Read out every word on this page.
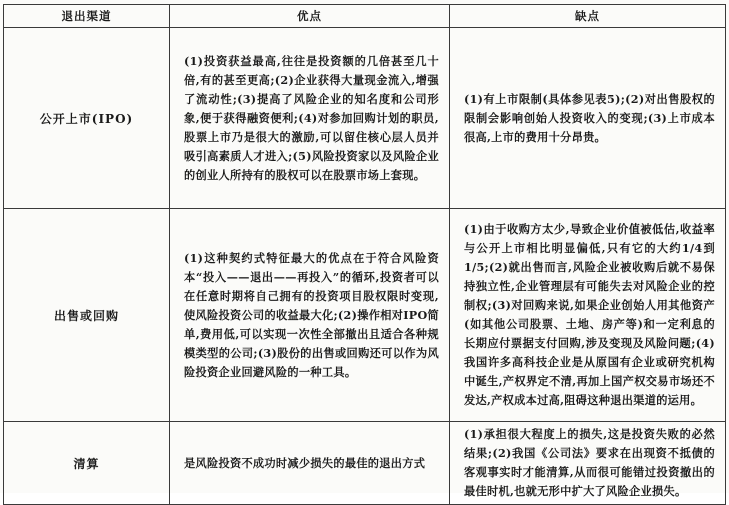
退出渠道	优点	缺点
公开上市(IPO)	(1)投资获益最高,往往是投资额的几倍甚至几十倍,有的甚至更高;(2)企业获得大量现金流入,增强了流动性;(3)提高了风险企业的知名度和公司形象,便于获得融资便利;(4)对参加回购计划的职员,股票上市乃是很大的激励,可以留住核心层人员并吸引高素质人才进入;(5)风险投资家以及风险企业的创业人所持有的股权可以在股票市场上套现。	(1)有上市限制(具体参见表5);(2)对出售股权的限制会影响创始人投资收入的变现;(3)上市成本很高,上市的费用十分昂贵。
出售或回购	(1)这种契约式特征最大的优点在于符合风险资本“投入——退出——再投入”的循环,投资者可以在任意时期将自己拥有的投资项目股权限时变现,使风险投资公司的收益最大化;(2)操作相对IPO简单,费用低,可以实现一次性全部撤出且适合各种规模类型的公司;(3)股份的出售或回购还可以作为风险投资企业回避风险的一种工具。	(1)由于收购方太少,导致企业价值被低估,收益率与公开上市相比明显偏低,只有它的大约1/4到1/5;(2)就出售而言,风险企业被收购后就不易保持独立性,企业管理层有可能失去对风险企业的控制权;(3)对回购来说,如果企业创始人用其他资产(如其他公司股票、土地、房产等)和一定利息的长期应付票据支付回购,涉及变现及风险问题;(4)我国许多高科技企业是从原国有企业或研究机构中诞生,产权界定不清,再加上国产权交易市场还不发达,产权成本过高,阻碍这种退出渠道的运用。
清算	是风险投资不成功时减少损失的最佳的退出方式	(1)承担很大程度上的损失,这是投资失败的必然结果;(2)我国《公司法》要求在出现资不抵债的客观事实时才能清算,从而很可能错过投资撤出的最佳时机,也就无形中扩大了风险企业损失。
